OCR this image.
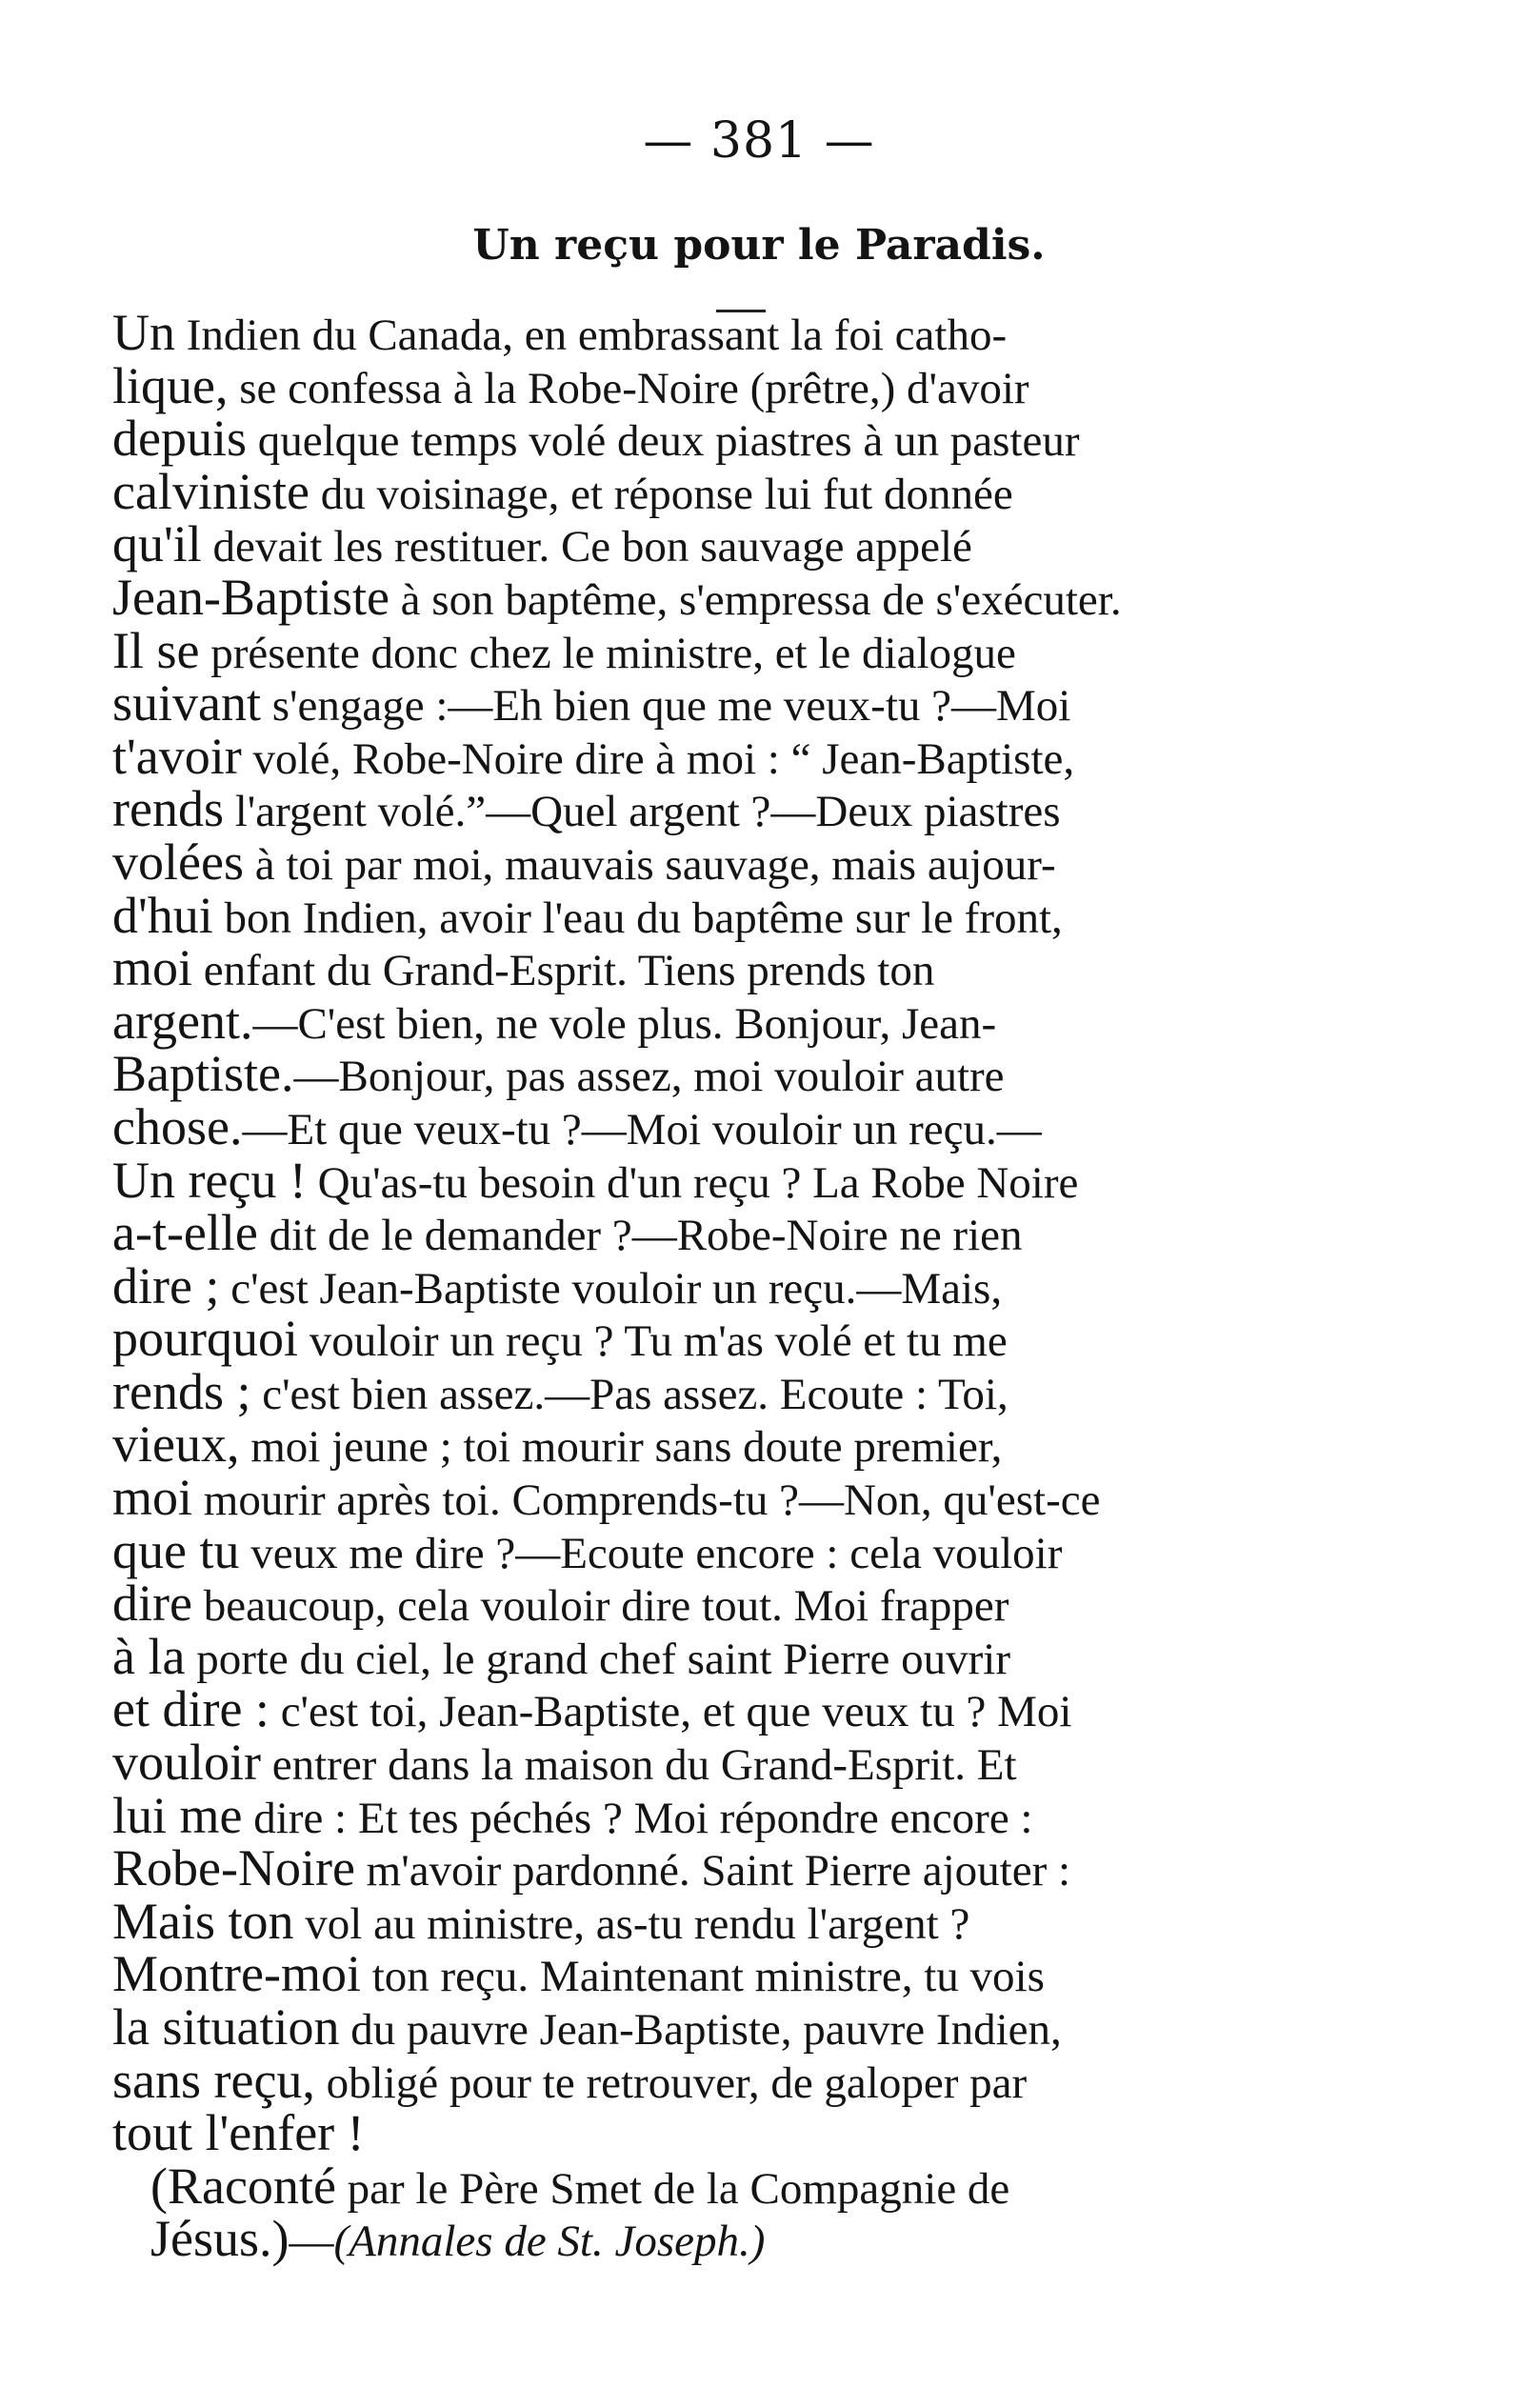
— 381 —
Un reçu pour le Paradis.
Un Indien du Canada, en embrassant la foi catho-
lique, se confessa à la Robe-Noire (prêtre,) d'avoir
depuis quelque temps volé deux piastres à un pasteur
calviniste du voisinage, et réponse lui fut donnée
qu'il devait les restituer. Ce bon sauvage appelé
Jean-Baptiste à son baptême, s'empressa de s'exécuter.
Il se présente donc chez le ministre, et le dialogue
suivant s'engage :—Eh bien que me veux-tu ?—Moi
t'avoir volé, Robe-Noire dire à moi : “ Jean-Baptiste,
rends l'argent volé.”—Quel argent ?—Deux piastres
volées à toi par moi, mauvais sauvage, mais aujour-
d'hui bon Indien, avoir l'eau du baptême sur le front,
moi enfant du Grand-Esprit. Tiens prends ton
argent.—C'est bien, ne vole plus. Bonjour, Jean-
Baptiste.—Bonjour, pas assez, moi vouloir autre
chose.—Et que veux-tu ?—Moi vouloir un reçu.—
Un reçu ! Qu'as-tu besoin d'un reçu ? La Robe Noire
a-t-elle dit de le demander ?—Robe-Noire ne rien
dire ; c'est Jean-Baptiste vouloir un reçu.—Mais,
pourquoi vouloir un reçu ? Tu m'as volé et tu me
rends ; c'est bien assez.—Pas assez. Ecoute : Toi,
vieux, moi jeune ; toi mourir sans doute premier,
moi mourir après toi. Comprends-tu ?—Non, qu'est-ce
que tu veux me dire ?—Ecoute encore : cela vouloir
dire beaucoup, cela vouloir dire tout. Moi frapper
à la porte du ciel, le grand chef saint Pierre ouvrir
et dire : c'est toi, Jean-Baptiste, et que veux tu ? Moi
vouloir entrer dans la maison du Grand-Esprit. Et
lui me dire : Et tes péchés ? Moi répondre encore :
Robe-Noire m'avoir pardonné. Saint Pierre ajouter :
Mais ton vol au ministre, as-tu rendu l'argent ?
Montre-moi ton reçu. Maintenant ministre, tu vois
la situation du pauvre Jean-Baptiste, pauvre Indien,
sans reçu, obligé pour te retrouver, de galoper par
tout l'enfer !
(Raconté par le Père Smet de la Compagnie de
Jésus.)—(Annales de St. Joseph.)
